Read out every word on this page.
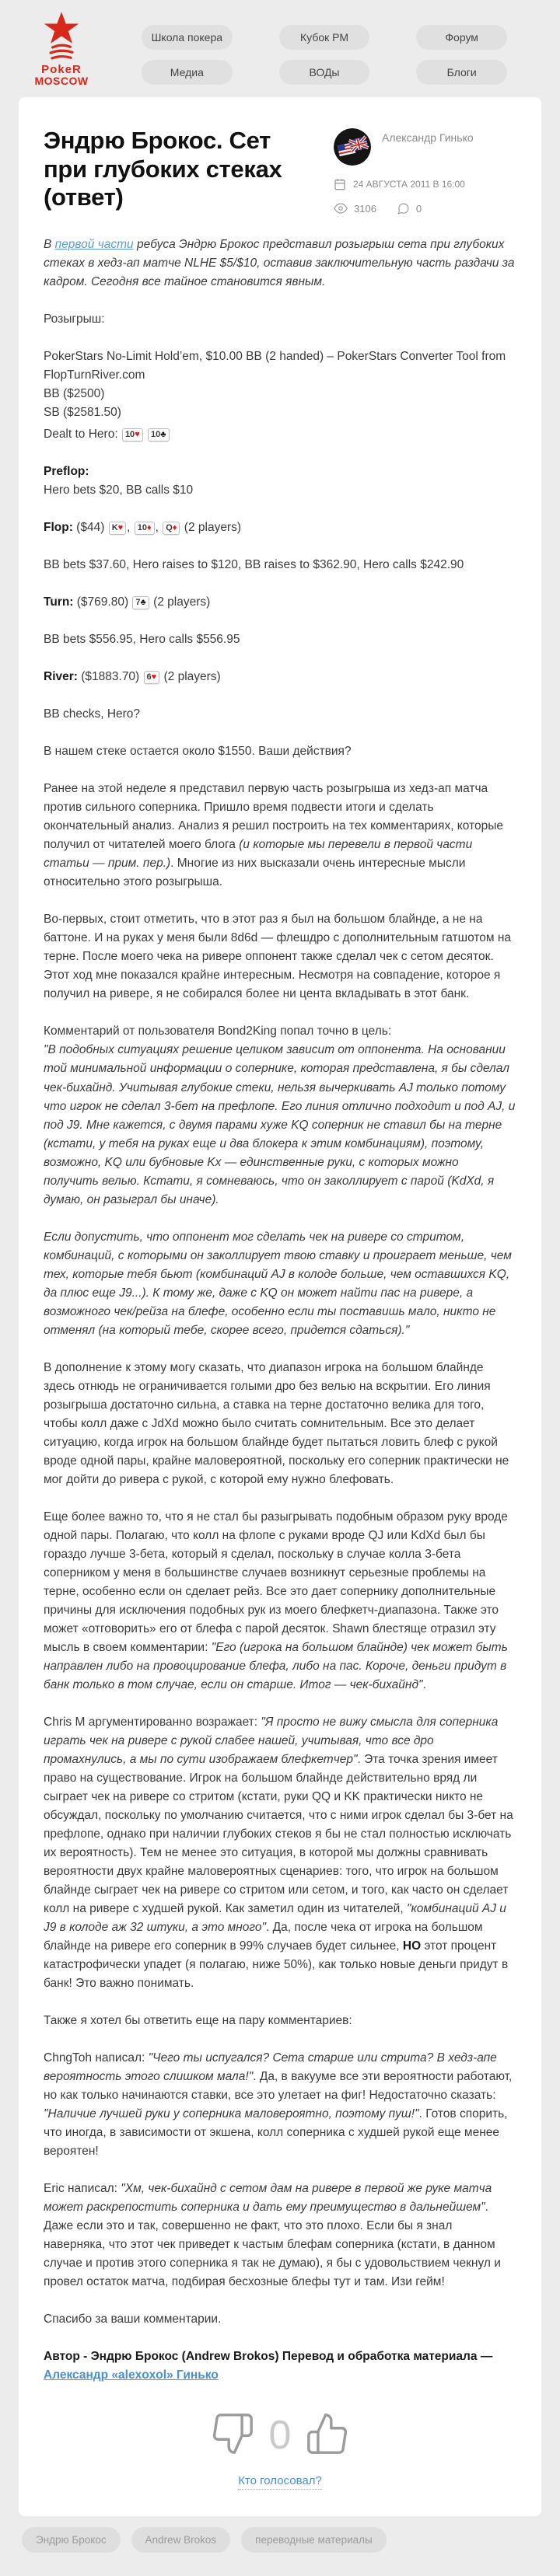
PokeR
MOSCOW
Школа покера	Кубок РМ	Форум
Медиа	ВОДы	Блоги
Эндрю Брокос. Сет при глубоких стеках (ответ)
Александр Гинько
24 АВГУСТА 2011 В 16:00
3106	0

В первой части ребуса Эндрю Брокос представил розыгрыш сета при глубоких стеках в хедз-ап матче NLHE $5/$10, оставив заключительную часть раздачи за кадром. Сегодня все тайное становится явным.

Розыгрыш:

PokerStars No-Limit Hold’em, $10.00 BB (2 handed) – PokerStars Converter Tool from FlopTurnRiver.com
BB ($2500)
SB ($2581.50)

Dealt to Hero: 10♥ 10♣

Preflop:
Hero bets $20, BB calls $10

Flop: ($44) K♥ , 10♦ , Q♦ (2 players)

BB bets $37.60, Hero raises to $120, BB raises to $362.90, Hero calls $242.90

Turn: ($769.80) 7♣ (2 players)

BB bets $556.95, Hero calls $556.95

River: ($1883.70) 6♥ (2 players)

BB checks, Hero?

В нашем стеке остается около $1550. Ваши действия?

Ранее на этой неделе я представил первую часть розыгрыша из хедз-ап матча против сильного соперника. Пришло время подвести итоги и сделать окончательный анализ. Анализ я решил построить на тех комментариях, которые получил от читателей моего блога (и которые мы перевели в первой части статьи — прим. пер.). Многие из них высказали очень интересные мысли относительно этого розыгрыша.

Во-первых, стоит отметить, что в этот раз я был на большом блайнде, а не на баттоне. И на руках у меня были 8d6d — флешдро с дополнительным гатшотом на терне. После моего чека на ривере оппонент также сделал чек с сетом десяток. Этот ход мне показался крайне интересным. Несмотря на совпадение, которое я получил на ривере, я не собирался более ни цента вкладывать в этот банк.

Комментарий от пользователя Bond2King попал точно в цель:
"В подобных ситуациях решение целиком зависит от оппонента. На основании той минимальной информации о сопернике, которая представлена, я бы сделал чек-бихайнд. Учитывая глубокие стеки, нельзя вычеркивать AJ только потому что игрок не сделал 3-бет на префлопе. Его линия отлично подходит и под AJ, и под J9. Мне кажется, с двумя парами хуже KQ соперник не ставил бы на терне (кстати, у тебя на руках еще и два блокера к этим комбинациям), поэтому, возможно, KQ или бубновые Kx — единственные руки, с которых можно получить велью. Кстати, я сомневаюсь, что он заколлирует с парой (KdXd, я думаю, он разыграл бы иначе).

Если допустить, что оппонент мог сделать чек на ривере со стритом, комбинаций, с которыми он заколлирует твою ставку и проиграет меньше, чем тех, которые тебя бьют (комбинаций AJ в колоде больше, чем оставшихся KQ, да плюс еще J9...). К тому же, даже с KQ он может найти пас на ривере, а возможного чек/рейза на блефе, особенно если ты поставишь мало, никто не отменял (на который тебе, скорее всего, придется сдаться)."

В дополнение к этому могу сказать, что диапазон игрока на большом блайнде здесь отнюдь не ограничивается голыми дро без велью на вскрытии. Его линия розыгрыша достаточно сильна, а ставка на терне достаточно велика для того, чтобы колл даже с JdXd можно было считать сомнительным. Все это делает ситуацию, когда игрок на большом блайнде будет пытаться ловить блеф с рукой вроде одной пары, крайне маловероятной, поскольку его соперник практически не мог дойти до ривера с рукой, с которой ему нужно блефовать.

Еще более важно то, что я не стал бы разыгрывать подобным образом руку вроде одной пары. Полагаю, что колл на флопе с руками вроде QJ или KdXd был бы гораздо лучше 3-бета, который я сделал, поскольку в случае колла 3-бета соперником у меня в большинстве случаев возникнут серьезные проблемы на терне, особенно если он сделает рейз. Все это дает сопернику дополнительные причины для исключения подобных рук из моего блефкетч-диапазона. Также это может «отговорить» его от блефа с парой десяток. Shawn блестяще отразил эту мысль в своем комментарии: "Его (игрока на большом блайнде) чек может быть направлен либо на провоцирование блефа, либо на пас. Короче, деньги придут в банк только в том случае, если он старше. Итог — чек-бихайнд".

Chris M аргументированно возражает: "Я просто не вижу смысла для соперника играть чек на ривере с рукой слабее нашей, учитывая, что все дро промахнулись, а мы по сути изображаем блефкетчер". Эта точка зрения имеет право на существование. Игрок на большом блайнде действительно вряд ли сыграет чек на ривере со стритом (кстати, руки QQ и KK практически никто не обсуждал, поскольку по умолчанию считается, что с ними игрок сделал бы 3-бет на префлопе, однако при наличии глубоких стеков я бы не стал полностью исключать их вероятность). Тем не менее это ситуация, в которой мы должны сравнивать вероятности двух крайне маловероятных сценариев: того, что игрок на большом блайнде сыграет чек на ривере со стритом или сетом, и того, как часто он сделает колл на ривере с худшей рукой. Как заметил один из читателей, "комбинаций AJ и J9 в колоде аж 32 штуки, а это много". Да, после чека от игрока на большом блайнде на ривере его соперник в 99% случаев будет сильнее, НО этот процент катастрофически упадет (я полагаю, ниже 50%), как только новые деньги придут в банк! Это важно понимать.

Также я хотел бы ответить еще на пару комментариев:

ChngToh написал: "Чего ты испугался? Сета старше или стрита? В хедз-апе вероятность этого слишком мала!". Да, в вакууме все эти вероятности работают, но как только начинаются ставки, все это улетает на фиг! Недостаточно сказать: "Наличие лучшей руки у соперника маловероятно, поэтому пуш!". Готов спорить, что иногда, в зависимости от экшена, колл соперника с худшей рукой еще менее вероятен!

Eric написал: "Хм, чек-бихайнд с сетом дам на ривере в первой же руке матча может раскрепостить соперника и дать ему преимущество в дальнейшем". Даже если это и так, совершенно не факт, что это плохо. Если бы я знал наверняка, что этот чек приведет к частым блефам соперника (кстати, в данном случае и против этого соперника я так не думаю), я бы с удовольствием чекнул и провел остаток матча, подбирая бесхозные блефы тут и там. Изи гейм!

Спасибо за ваши комментарии.

Автор - Эндрю Брокос (Andrew Brokos) Перевод и обработка материала — Александр «alexoxol» Гинько

0
Кто голосовал?
Эндрю Брокос	Andrew Brokos	переводные материалы
